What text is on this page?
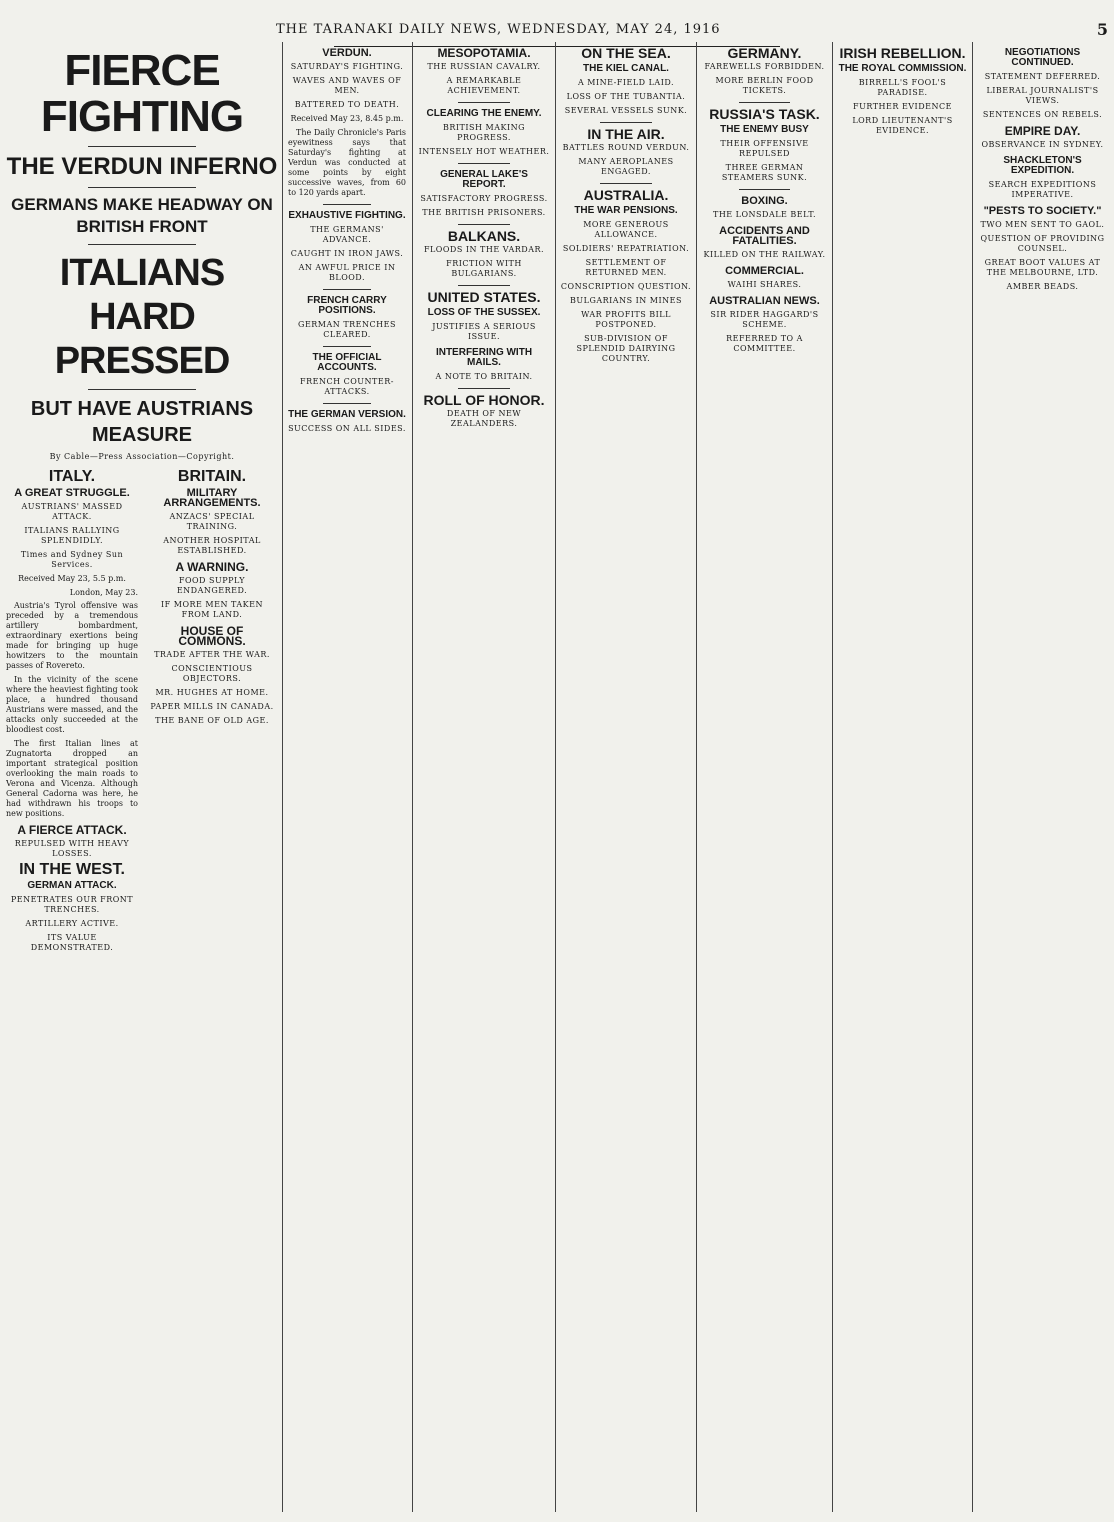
THE TARANAKI DAILY NEWS, WEDNESDAY, MAY 24, 1916	5
FIERCE FIGHTING
THE VERDUN INFERNO
GERMANS MAKE HEADWAY ON BRITISH FRONT
ITALIANS HARD PRESSED
BUT HAVE AUSTRIANS MEASURE
By Cable—Press Association—Copyright.
ITALY.
A GREAT STRUGGLE.
AUSTRIANS' MASSED ATTACK.
ITALIANS RALLYING SPLENDIDLY.
Times and Sydney Sun Services.
Received May 23, 5.5 p.m.
London, May 23.

Austria's Tyrol offensive was preceded by a tremendous artillery bombardment, extraordinary exertions being made for bringing up huge howitzers to the mountain passes of Rovereto.

In the vicinity of the scene where the heaviest fighting took place, a hundred thousand Austrians were massed, and the attacks only succeeded at the bloodiest cost.

The first Italian lines at Zugnatorta dropped an important strategical position overlooking the main roads to Verona and Vicenza. Although General Cadorna was here, he had withdrawn his troops to new positions.

A FIERCE ATTACK.
REPULSED WITH HEAVY LOSSES.
IN THE WEST.
GERMAN ATTACK.
PENETRATES OUR FRONT TRENCHES.
ARTILLERY ACTIVE.
ITS VALUE DEMONSTRATED.
BRITAIN.
MILITARY ARRANGEMENTS.
ANZACS' SPECIAL TRAINING.
ANOTHER HOSPITAL ESTABLISHED.
A WARNING.
FOOD SUPPLY ENDANGERED.
IF MORE MEN TAKEN FROM LAND.
HOUSE OF COMMONS.
TRADE AFTER THE WAR.
CONSCIENTIOUS OBJECTORS.
MR. HUGHES AT HOME.
PAPER MILLS IN CANADA.
THE BANE OF OLD AGE.
VERDUN.
SATURDAY'S FIGHTING.
WAVES AND WAVES OF MEN.
BATTERED TO DEATH.
Received May 23, 8.45 p.m.

The Daily Chronicle's Paris eyewitness says that Saturday's fighting at Verdun was conducted at some points by eight successive waves, from 60 to 120 yards apart.

EXHAUSTIVE FIGHTING.
THE GERMANS' ADVANCE.
CAUGHT IN IRON JAWS.
AN AWFUL PRICE IN BLOOD.
FRENCH CARRY POSITIONS.
GERMAN TRENCHES CLEARED.
THE OFFICIAL ACCOUNTS.
FRENCH COUNTER-ATTACKS.
THE GERMAN VERSION.
SUCCESS ON ALL SIDES.
MESOPOTAMIA.
THE RUSSIAN CAVALRY.
A REMARKABLE ACHIEVEMENT.
CLEARING THE ENEMY.
BRITISH MAKING PROGRESS.
INTENSELY HOT WEATHER.
GENERAL LAKE'S REPORT.
SATISFACTORY PROGRESS.
THE BRITISH PRISONERS.
BALKANS.
FLOODS IN THE VARDAR.
FRICTION WITH BULGARIANS.
UNITED STATES.
LOSS OF THE SUSSEX.
JUSTIFIES A SERIOUS ISSUE.
INTERFERING WITH MAILS.
A NOTE TO BRITAIN.
ROLL OF HONOR.
DEATH OF NEW ZEALANDERS.
ON THE SEA.
THE KIEL CANAL.
A MINE-FIELD LAID.
LOSS OF THE TUBANTIA.
SEVERAL VESSELS SUNK.
IN THE AIR.
BATTLES ROUND VERDUN.
MANY AEROPLANES ENGAGED.
AUSTRALIA.
THE WAR PENSIONS.
MORE GENEROUS ALLOWANCE.
SOLDIERS' REPATRIATION.
SETTLEMENT OF RETURNED MEN.
CONSCRIPTION QUESTION.
BULGARIANS IN MINES
WAR PROFITS BILL POSTPONED.
SUB-DIVISION OF SPLENDID DAIRYING COUNTRY.
GERMANY.
FAREWELLS FORBIDDEN.
MORE BERLIN FOOD TICKETS.
RUSSIA'S TASK.
THE ENEMY BUSY
THEIR OFFENSIVE REPULSED
THREE GERMAN STEAMERS SUNK.
BOXING.
THE LONSDALE BELT.
ACCIDENTS AND FATALITIES.
KILLED ON THE RAILWAY.
COMMERCIAL.
WAIHI SHARES.
AUSTRALIAN NEWS.
SIR RIDER HAGGARD'S SCHEME.
REFERRED TO A COMMITTEE.
IRISH REBELLION.
THE ROYAL COMMISSION.
BIRRELL'S FOOL'S PARADISE.
FURTHER EVIDENCE
LORD LIEUTENANT'S EVIDENCE.
NEGOTIATIONS CONTINUED.
STATEMENT DEFERRED.
LIBERAL JOURNALIST'S VIEWS.
SENTENCES ON REBELS.
EMPIRE DAY.
OBSERVANCE IN SYDNEY.
SHACKLETON'S EXPEDITION.
SEARCH EXPEDITIONS IMPERATIVE.
"PESTS TO SOCIETY."
TWO MEN SENT TO GAOL.
QUESTION OF PROVIDING COUNSEL.
GREAT BOOT VALUES AT THE MELBOURNE, LTD.
AMBER BEADS.
